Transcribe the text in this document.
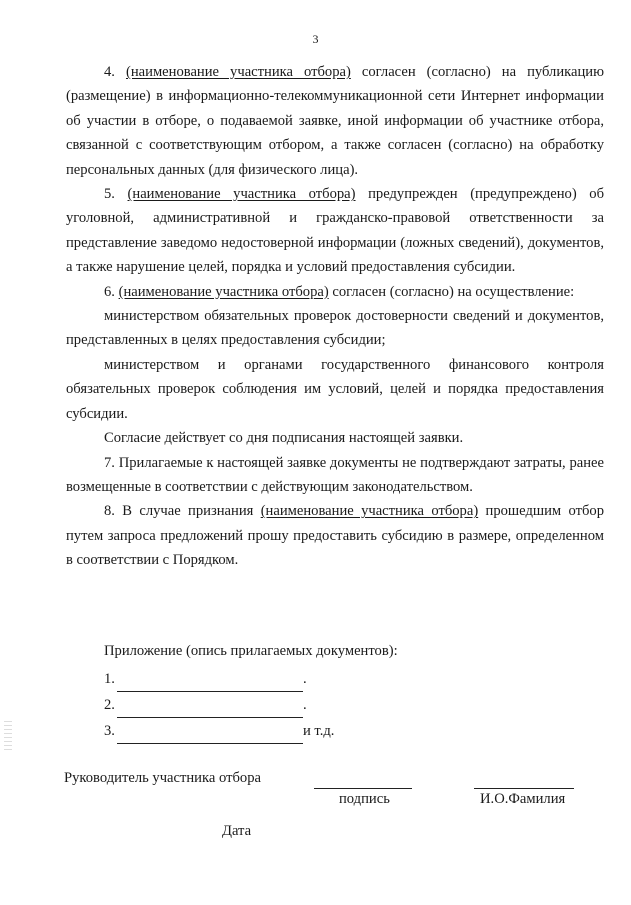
3

4. (наименование участника отбора) согласен (согласно) на публикацию (размещение) в информационно-телекоммуникационной сети Интернет информации об участии в отборе, о подаваемой заявке, иной информации об участнике отбора, связанной с соответствующим отбором, а также согласен (согласно) на обработку персональных данных (для физического лица).

5. (наименование участника отбора) предупрежден (предупреждено) об уголовной, административной и гражданско-правовой ответственности за представление заведомо недостоверной информации (ложных сведений), документов, а также нарушение целей, порядка и условий предоставления субсидии.

6. (наименование участника отбора) согласен (согласно) на осуществление:

министерством обязательных проверок достоверности сведений и документов, представленных в целях предоставления субсидии;

министерством и органами государственного финансового контроля обязательных проверок соблюдения им условий, целей и порядка предоставления субсидии.

Согласие действует со дня подписания настоящей заявки.

7. Прилагаемые к настоящей заявке документы не подтверждают затраты, ранее возмещенные в соответствии с действующим законодательством.

8. В случае признания (наименование участника отбора) прошедшим отбор путем запроса предложений прошу предоставить субсидию в размере, определенном в соответствии с Порядком.

Приложение (опись прилагаемых документов):

1.	.
2.	.
3.	и т.д.
Руководитель участника отбора
подпись	И.О.Фамилия
Дата
